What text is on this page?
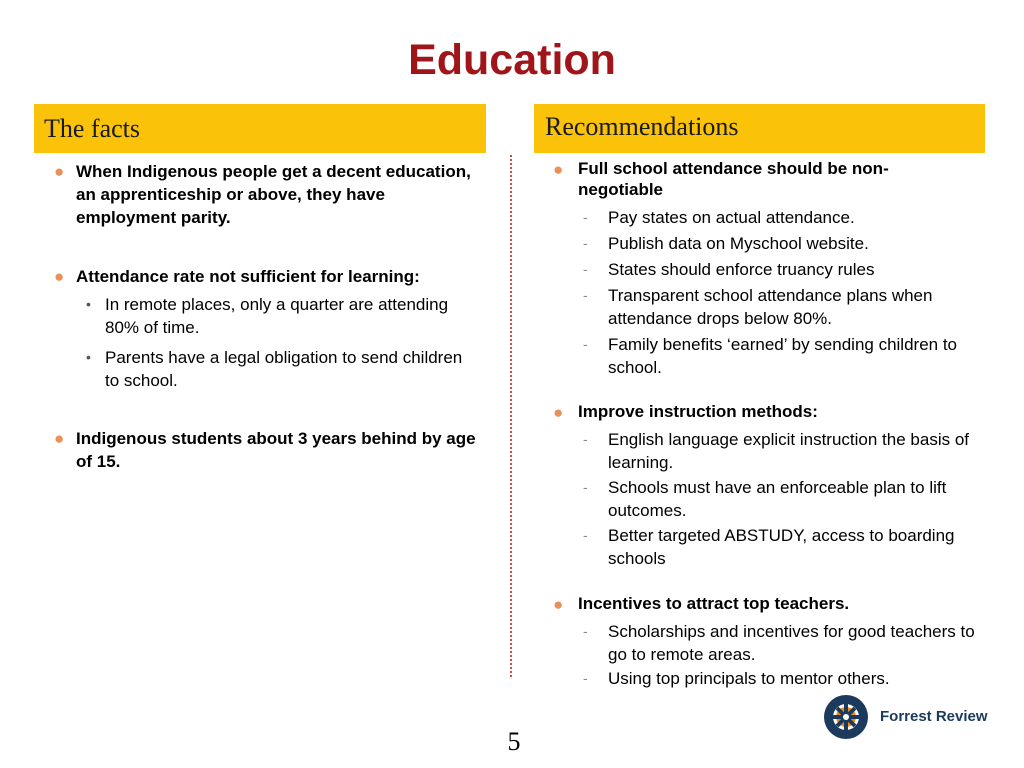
Education
The facts	Recommendations
● When Indigenous people get a decent education, an apprenticeship or above, they have employment parity.
● Attendance rate not sufficient for learning:
• In remote places, only a quarter are attending 80% of time.
• Parents have a legal obligation to send children to school.
● Indigenous students about 3 years behind by age of 15.
● Full school attendance should be non-negotiable
- Pay states on actual attendance.
- Publish data on Myschool website.
- States should enforce truancy rules
- Transparent school attendance plans when attendance drops below 80%.
- Family benefits ‘earned’ by sending children to school.
● Improve instruction methods:
- English language explicit instruction the basis of learning.
- Schools must have an enforceable plan to lift outcomes.
- Better targeted ABSTUDY, access to boarding schools
● Incentives to attract top teachers.
- Scholarships and incentives for good teachers to go to remote areas.
- Using top principals to mentor others.
5
Forrest Review
